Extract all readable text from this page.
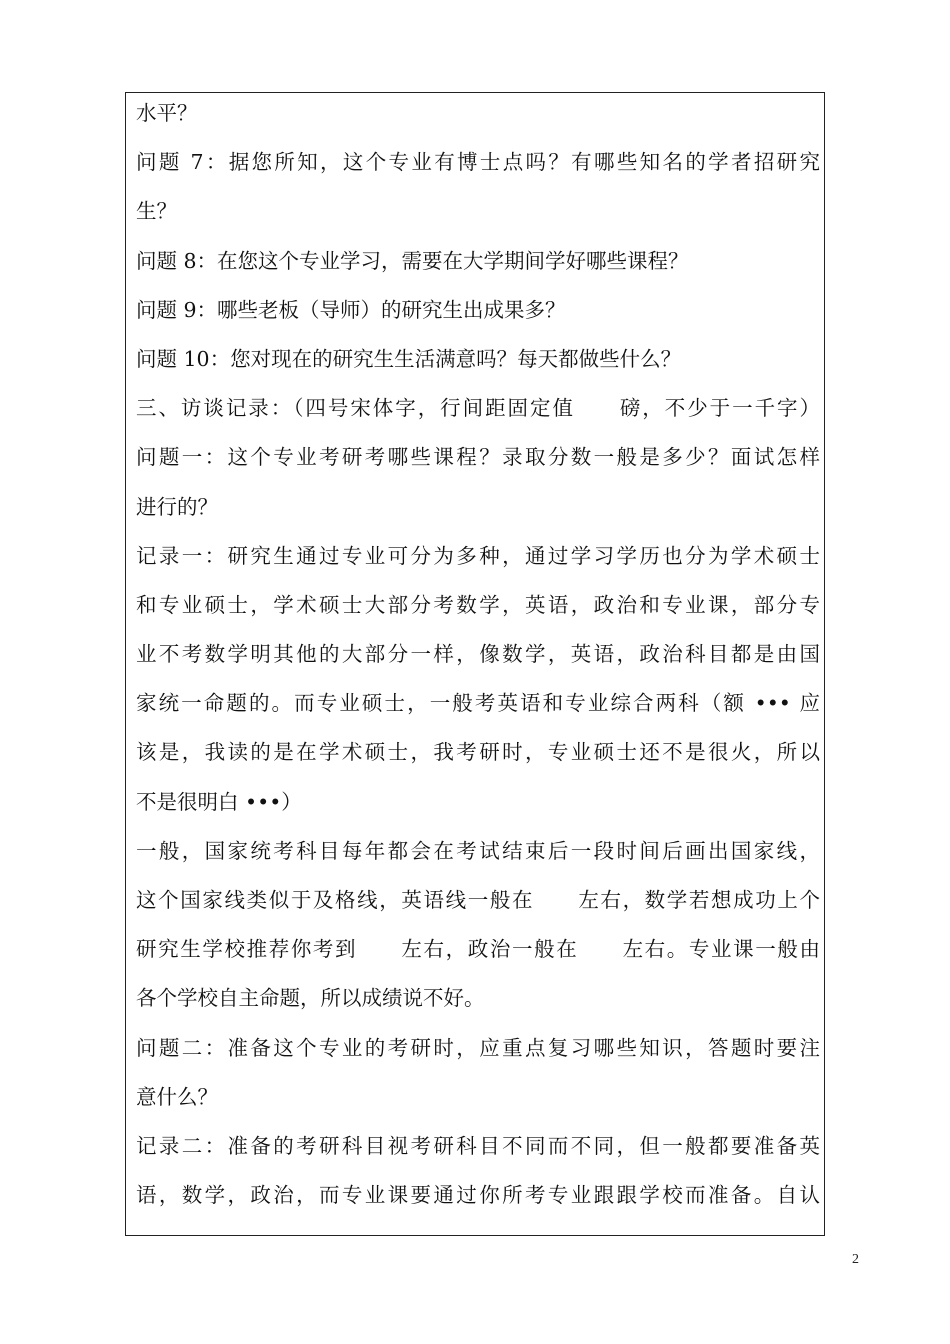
水平？
问题 7：据您所知，这个专业有博士点吗？有哪些知名的学者招研究
生？
问题 8：在您这个专业学习，需要在大学期间学好哪些课程？
问题 9：哪些老板（导师）的研究生出成果多？
问题 10：您对现在的研究生生活满意吗？每天都做些什么？
三、访谈记录：（四号宋体字，行间距固定值　　磅，不少于一千字）
问题一：这个专业考研考哪些课程？录取分数一般是多少？面试怎样
进行的？
记录一：研究生通过专业可分为多种，通过学习学历也分为学术硕士
和专业硕士，学术硕士大部分考数学，英语，政治和专业课，部分专
业不考数学明其他的大部分一样，像数学，英语，政治科目都是由国
家统一命题的。而专业硕士，一般考英语和专业综合两科（额 ••• 应
该是，我读的是在学术硕士，我考研时，专业硕士还不是很火，所以
不是很明白 •••）
一般，国家统考科目每年都会在考试结束后一段时间后画出国家线，
这个国家线类似于及格线，英语线一般在　　左右，数学若想成功上个
研究生学校推荐你考到　　左右，政治一般在　　左右。专业课一般由
各个学校自主命题，所以成绩说不好。
问题二：准备这个专业的考研时，应重点复习哪些知识，答题时要注
意什么？
记录二：准备的考研科目视考研科目不同而不同，但一般都要准备英
语，数学，政治，而专业课要通过你所考专业跟跟学校而准备。自认
2
